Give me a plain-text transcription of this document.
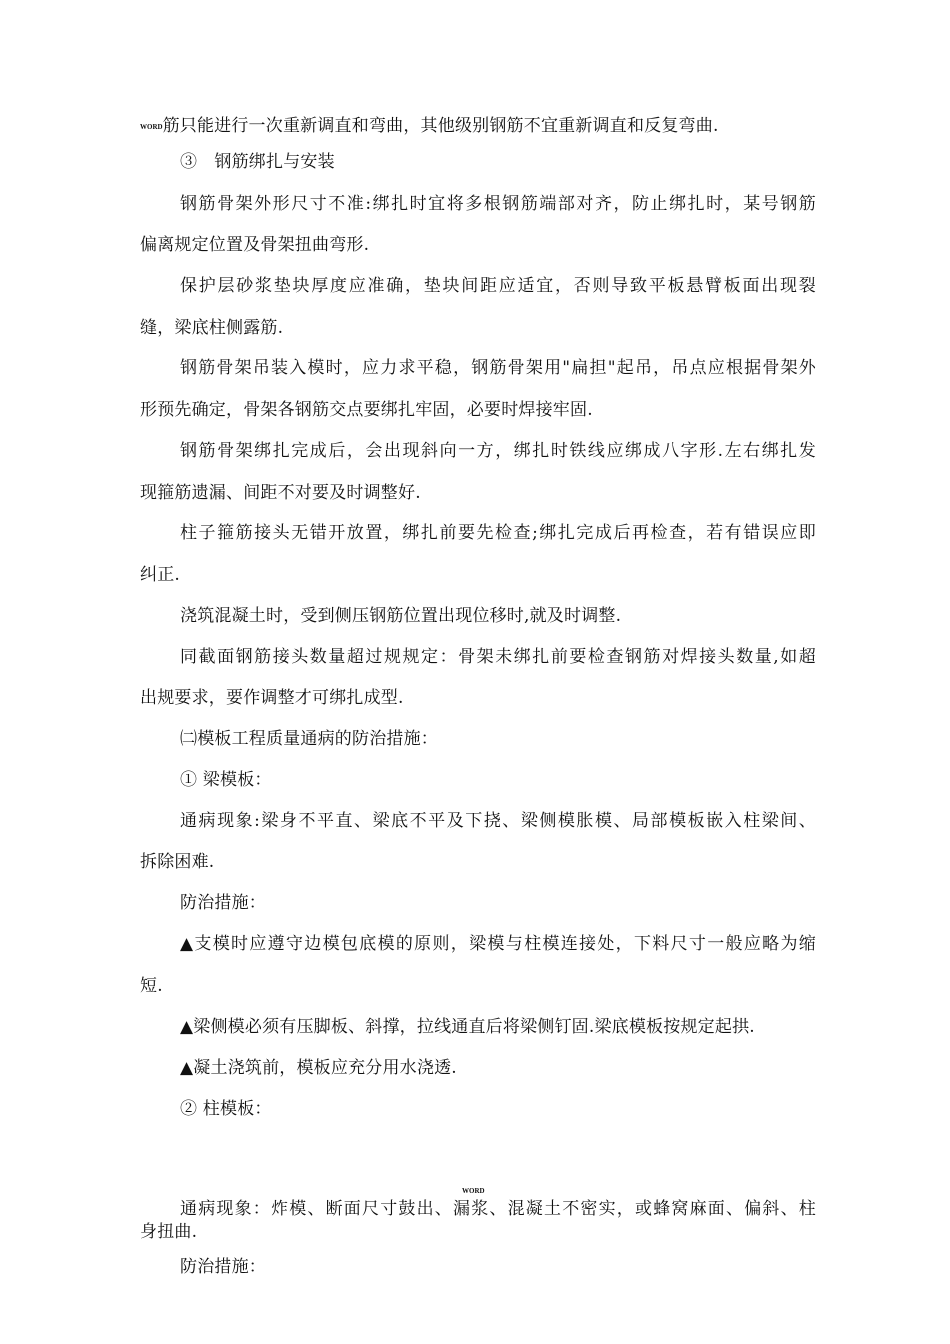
WORD筋只能进行一次重新调直和弯曲，其他级别钢筋不宜重新调直和反复弯曲.
③　钢筋绑扎与安装
钢筋骨架外形尺寸不准:绑扎时宜将多根钢筋端部对齐，防止绑扎时，某号钢筋
偏离规定位置及骨架扭曲弯形.
保护层砂浆垫块厚度应准确，垫块间距应适宜，否则导致平板悬臂板面出现裂
缝，梁底柱侧露筋.
钢筋骨架吊装入模时，应力求平稳，钢筋骨架用"扁担"起吊，吊点应根据骨架外
形预先确定，骨架各钢筋交点要绑扎牢固，必要时焊接牢固.
钢筋骨架绑扎完成后，会出现斜向一方，绑扎时铁线应绑成八字形.左右绑扎发
现箍筋遗漏、间距不对要及时调整好.
柱子箍筋接头无错开放置，绑扎前要先检查;绑扎完成后再检查，若有错误应即
纠正.
浇筑混凝土时，受到侧压钢筋位置出现位移时,就及时调整.
同截面钢筋接头数量超过规规定：骨架未绑扎前要检查钢筋对焊接头数量,如超
出规要求，要作调整才可绑扎成型.
㈡模板工程质量通病的防治措施：
① 梁模板：
通病现象:梁身不平直、梁底不平及下挠、梁侧模胀模、局部模板嵌入柱梁间、
拆除困难.
防治措施：
▲支模时应遵守边模包底模的原则，梁模与柱模连接处，下料尺寸一般应略为缩
短.
▲梁侧模必须有压脚板、斜撑，拉线通直后将梁侧钉固.梁底模板按规定起拱.
▲凝土浇筑前，模板应充分用水浇透.
② 柱模板：
WORD
通病现象：炸模、断面尺寸鼓出、漏浆、混凝土不密实，或蜂窝麻面、偏斜、柱
身扭曲.
防治措施：
